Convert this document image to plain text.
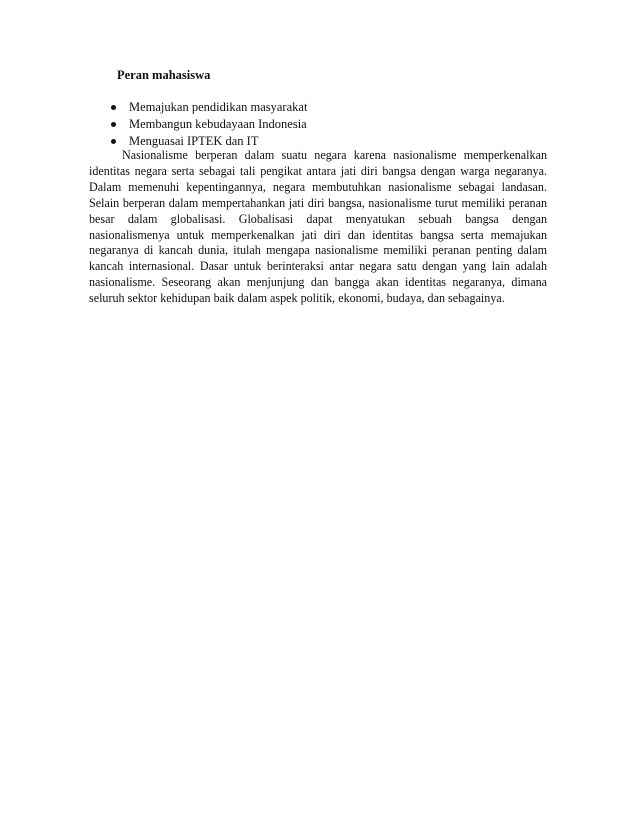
Peran mahasiswa
Memajukan pendidikan masyarakat
Membangun kebudayaan Indonesia
Menguasai IPTEK dan IT

Nasionalisme berperan dalam suatu negara karena nasionalisme memperkenalkan identitas negara serta sebagai tali pengikat antara jati diri bangsa dengan warga negaranya. Dalam memenuhi kepentingannya, negara membutuhkan nasionalisme sebagai landasan. Selain berperan dalam mempertahankan jati diri bangsa, nasionalisme turut memiliki peranan besar dalam globalisasi. Globalisasi dapat menyatukan sebuah bangsa dengan nasionalismenya untuk memperkenalkan jati diri dan identitas bangsa serta memajukan negaranya di kancah dunia, itulah mengapa nasionalisme memiliki peranan penting dalam kancah internasional. Dasar untuk berinteraksi antar negara satu dengan yang lain adalah nasionalisme. Seseorang akan menjunjung dan bangga akan identitas negaranya, dimana seluruh sektor kehidupan baik dalam aspek politik, ekonomi, budaya, dan sebagainya.
